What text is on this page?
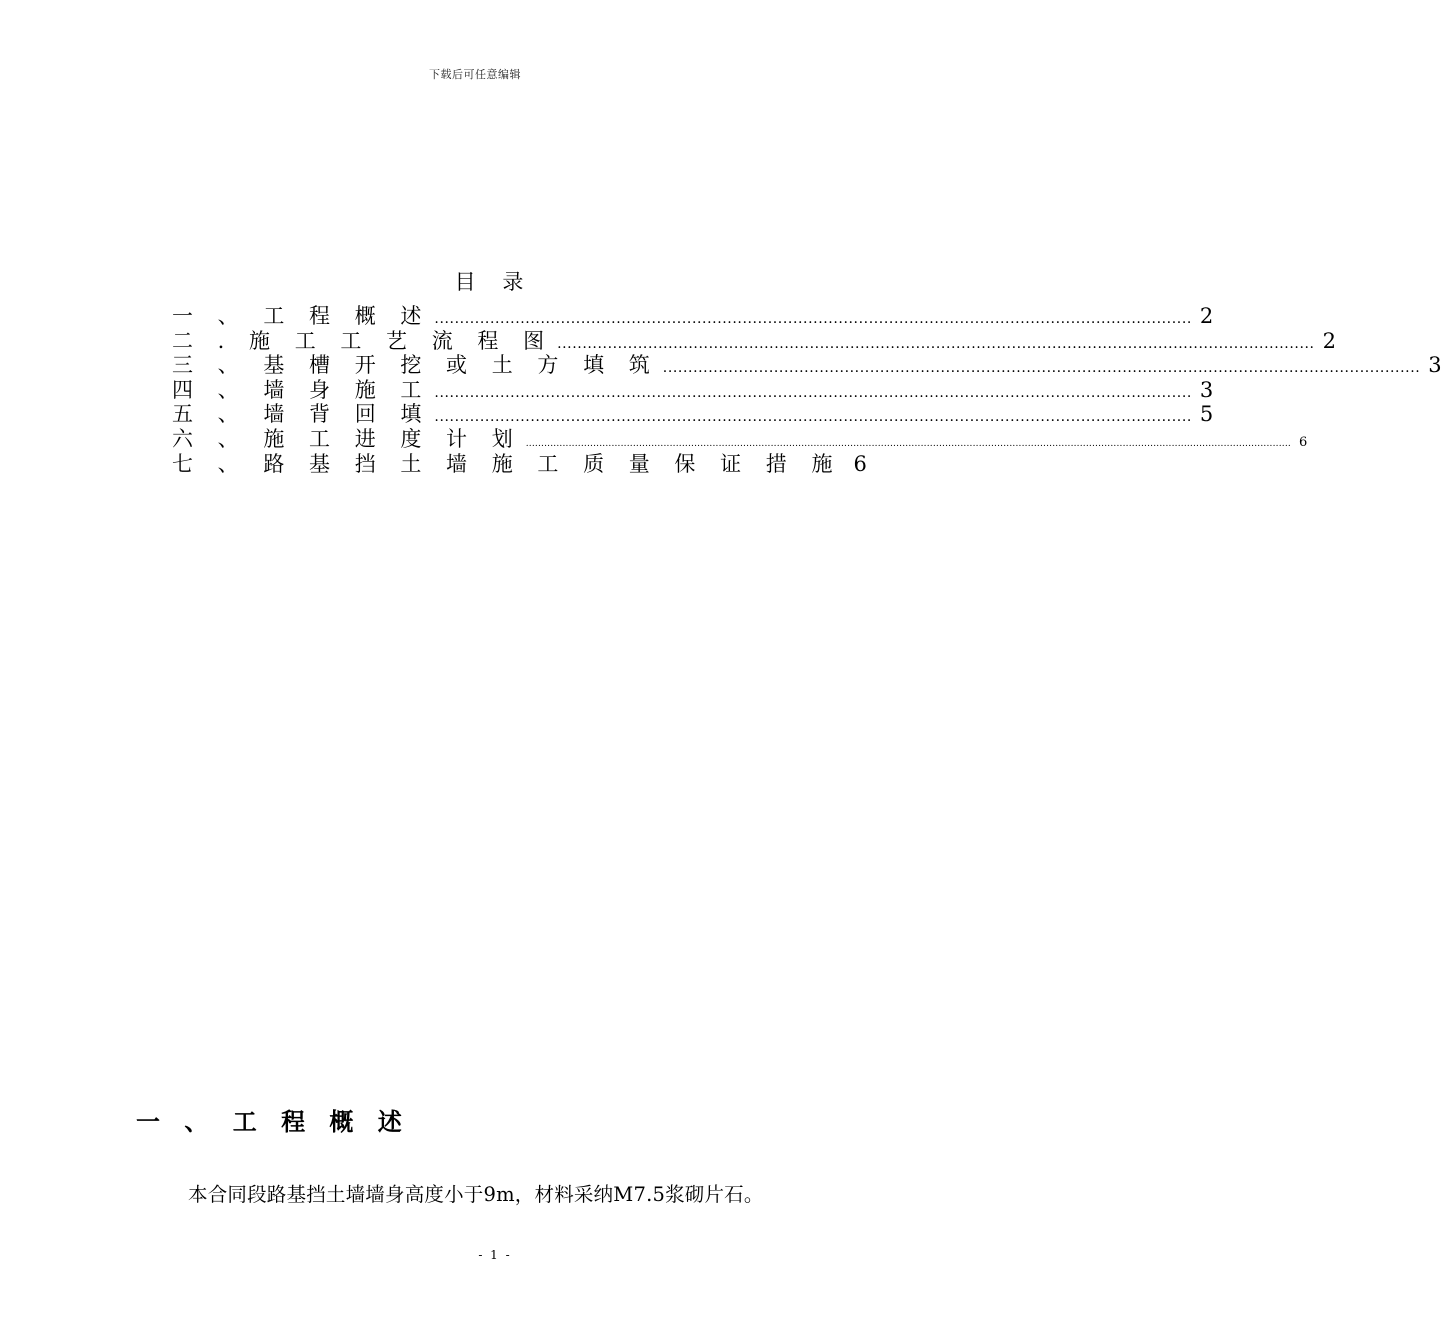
下载后可任意编辑
目 录
一 、 工 程 概 述 ...................................................................................................................................................... 2
二 . 施 工 工 艺 流 程 图 ...................................................................................................................................................... 2
三 、 基 槽 开 挖 或 土 方 填 筑 ...................................................................................................................................................... 3
四 、 墙 身 施 工 ...................................................................................................................................................... 3
五 、 墙 背 回 填 ...................................................................................................................................................... 5
六 、 施 工 进 度 计 划 .......................................................................................................................................................................................................................................................... 6
七 、 路 基 挡 土 墙 施 工 质 量 保 证 措 施 6
一 、 工 程 概 述
本合同段路基挡土墙墙身高度小于9m，材料采纳M7.5浆砌片石。
- 1 -
